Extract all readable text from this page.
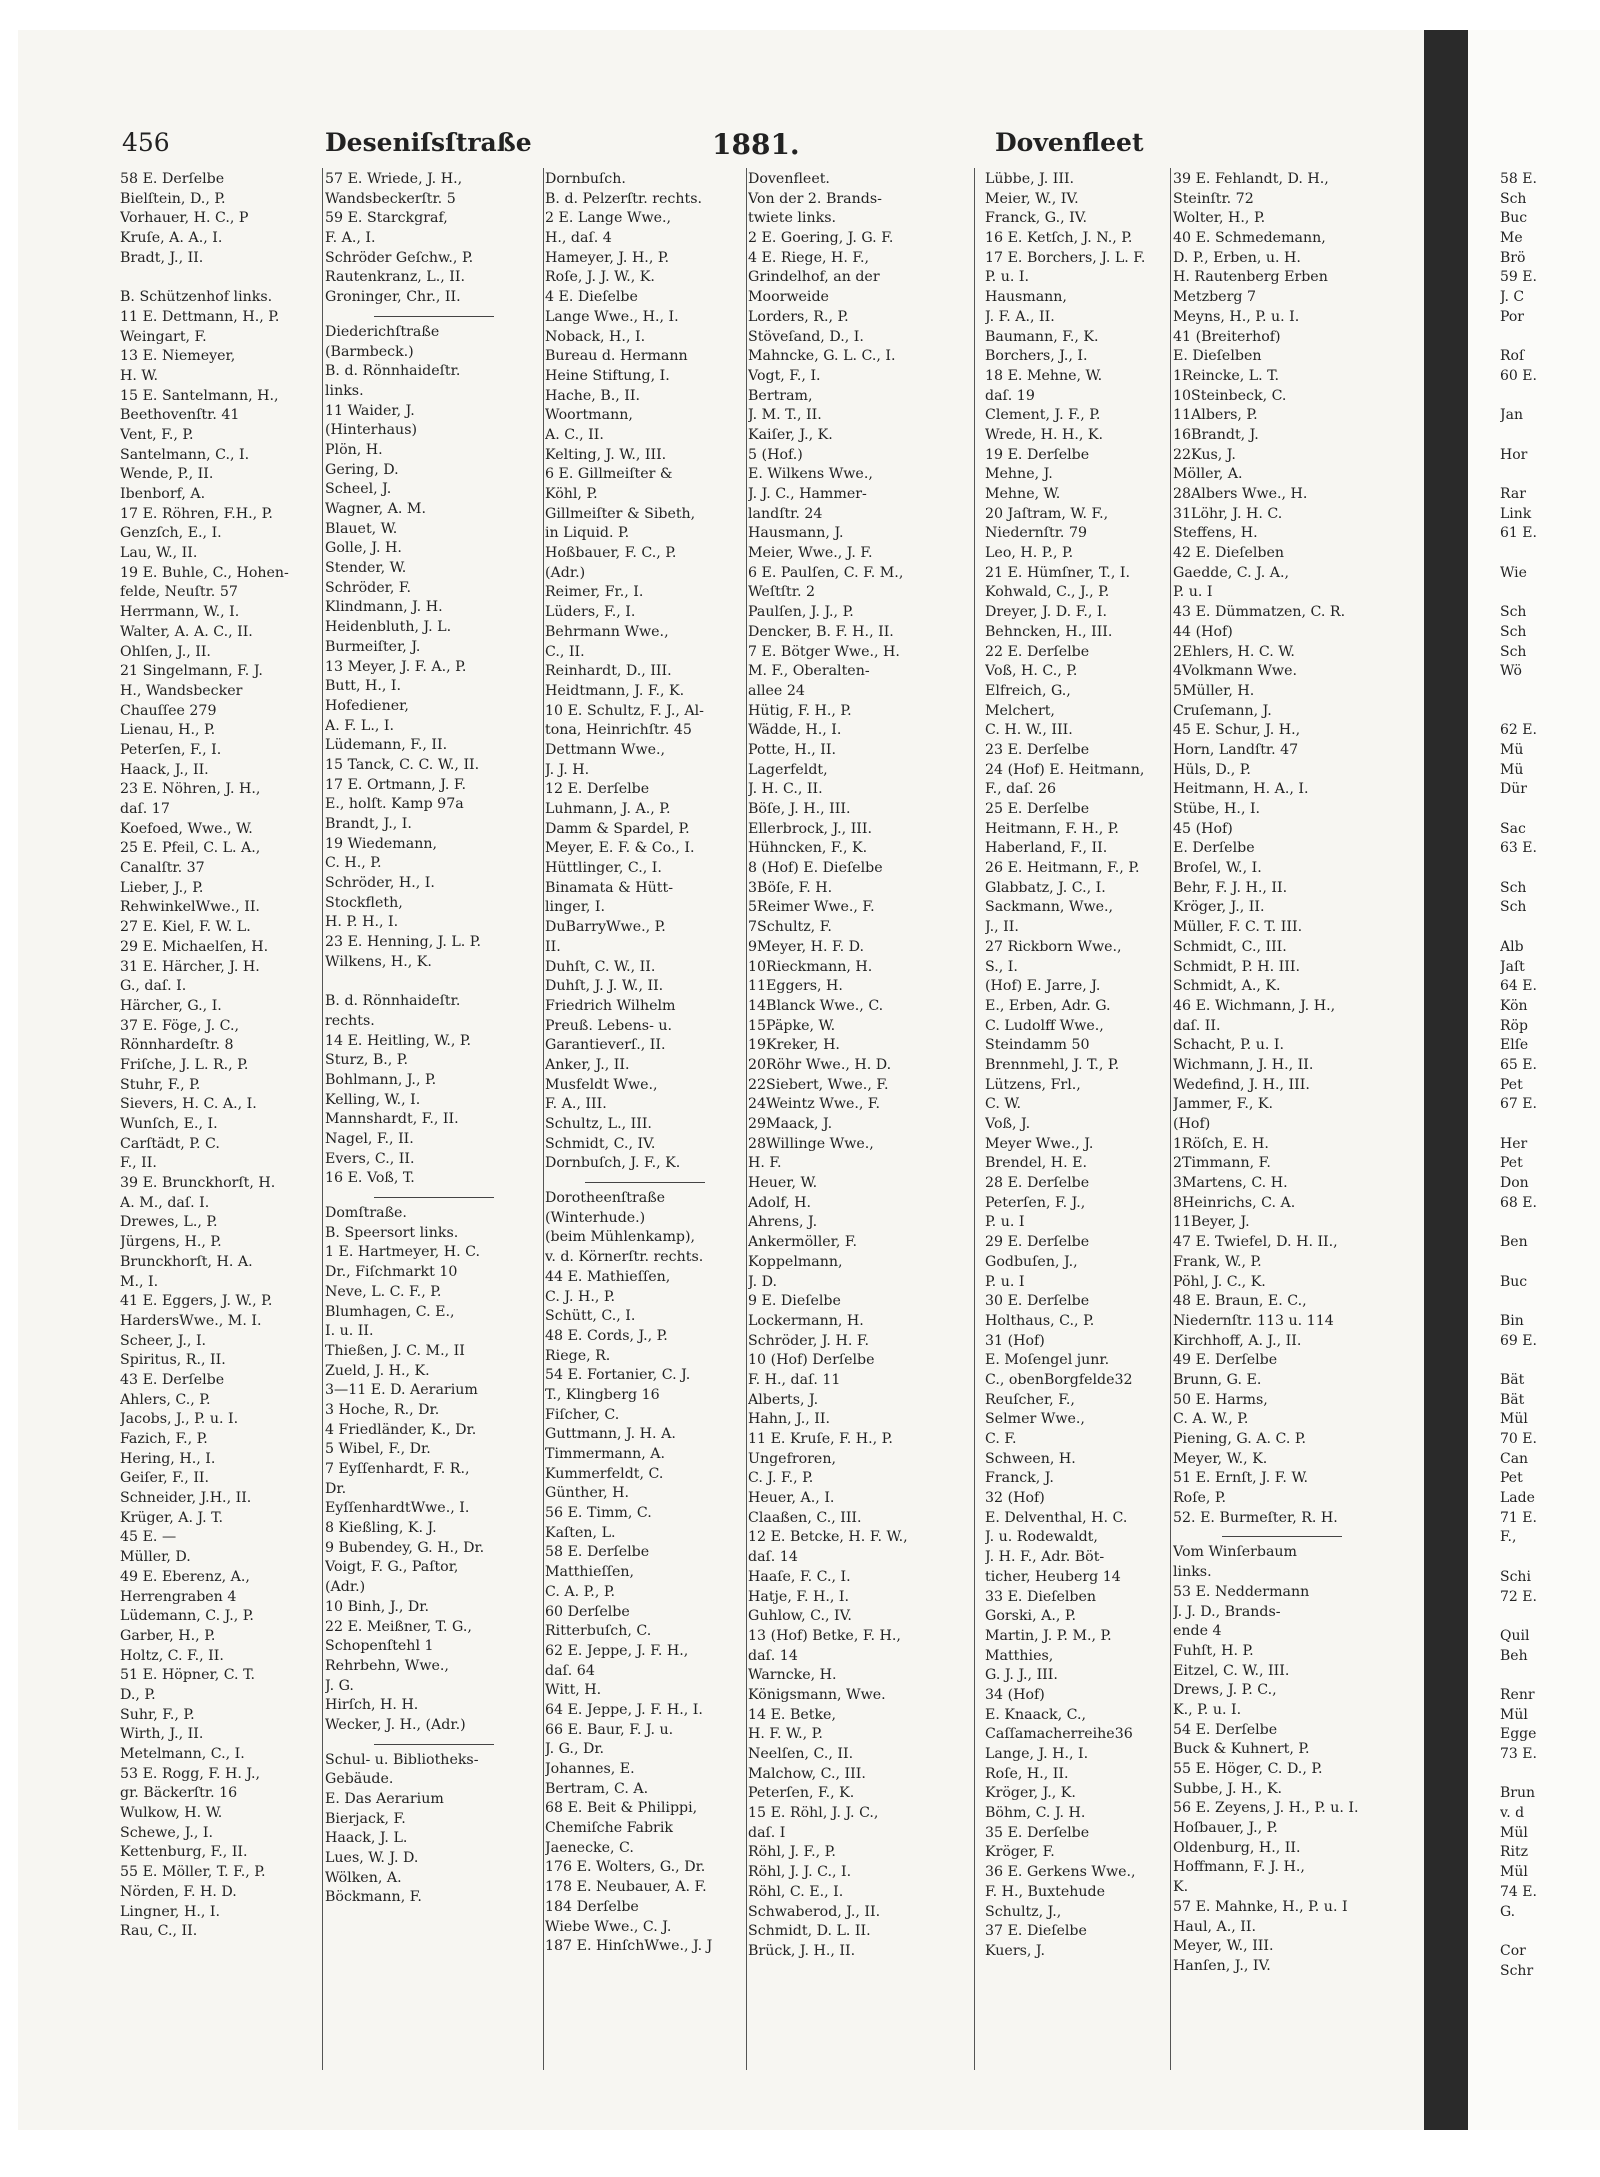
456	Deseniſsſtraße	1881.	Dovenfleet
58 E. Derſelbe
Bielſtein, D., P.
Vorhauer, H. C., P
Kruſe, A. A., I.
Bradt, J., II.
B. Schützenhof links.
11 E. Dettmann, H., P.
Weingart, F.
13 E. Niemeyer,
H. W.
15 E. Santelmann, H.,
Beethovenſtr. 41
Vent, F., P.
Santelmann, C., I.
Wende, P., II.
Ibenborf, A.
17 E. Röhren, F.H., P.
Genzſch, E., I.
Lau, W., II.
19 E. Buhle, C., Hohen-
felde, Neuſtr. 57
Herrmann, W., I.
Walter, A. A. C., II.
Ohlſen, J., II.
21 Singelmann, F. J.
H., Wandsbecker
Chauſſee 279
Lienau, H., P.
Peterſen, F., I.
Haack, J., II.
23 E. Nöhren, J. H.,
daſ. 17
Koefoed, Wwe., W.
25 E. Pfeil, C. L. A.,
Canalſtr. 37
Lieber, J., P.
RehwinkelWwe., II.
27 E. Kiel, F. W. L.
29 E. Michaelſen, H.
31 E. Härcher, J. H.
G., daſ. I.
Härcher, G., I.
37 E. Föge, J. C.,
Rönnhardeſtr. 8
Friſche, J. L. R., P.
Stuhr, F., P.
Sievers, H. C. A., I.
Wunſch, E., I.
Carſtädt, P. C.
F., II.
39 E. Brunckhorſt, H.
A. M., daſ. I.
Drewes, L., P.
Jürgens, H., P.
Brunckhorſt, H. A.
M., I.
41 E. Eggers, J. W., P.
HardersWwe., M. I.
Scheer, J., I.
Spiritus, R., II.
43 E. Derſelbe
Ahlers, C., P.
Jacobs, J., P. u. I.
Fazich, F., P.
Hering, H., I.
Geiſer, F., II.
Schneider, J.H., II.
Krüger, A. J. T.
45 E. —
Müller, D.
49 E. Eberenz, A.,
Herrengraben 4
Lüdemann, C. J., P.
Garber, H., P.
Holtz, C. F., II.
51 E. Höpner, C. T.
D., P.
Suhr, F., P.
Wirth, J., II.
Metelmann, C., I.
53 E. Rogg, F. H. J.,
gr. Bäckerſtr. 16
Wulkow, H. W.
Schewe, J., I.
Kettenburg, F., II.
55 E. Möller, T. F., P.
Nörden, F. H. D.
Lingner, H., I.
Rau, C., II.
57 E. Wriede, J. H.,
Wandsbeckerſtr. 5
59 E. Starckgraf,
F. A., I.
Schröder Geſchw., P.
Rautenkranz, L., II.
Groninger, Chr., II.
Diederichſtraße
(Barmbeck.)
B. d. Rönnhaideſtr.
links.
11 Waider, J.
(Hinterhaus)
Plön, H.
Gering, D.
Scheel, J.
Wagner, A. M.
Blauet, W.
Golle, J. H.
Stender, W.
Schröder, F.
Klindmann, J. H.
Heidenbluth, J. L.
Burmeiſter, J.
13 Meyer, J. F. A., P.
Butt, H., I.
Hofediener,
A. F. L., I.
Lüdemann, F., II.
15 Tanck, C. C. W., II.
17 E. Ortmann, J. F.
E., holſt. Kamp 97a
Brandt, J., I.
19 Wiedemann,
C. H., P.
Schröder, H., I.
Stockfleth,
H. P. H., I.
23 E. Henning, J. L. P.
Wilkens, H., K.
B. d. Rönnhaideſtr.
rechts.
14 E. Heitling, W., P.
Sturz, B., P.
Bohlmann, J., P.
Kelling, W., I.
Mannshardt, F., II.
Nagel, F., II.
Evers, C., II.
16 E. Voß, T.
Domſtraße.
B. Speersort links.
1 E. Hartmeyer, H. C.
Dr., Fiſchmarkt 10
Neve, L. C. F., P.
Blumhagen, C. E.,
I. u. II.
Thießen, J. C. M., II
Zueld, J. H., K.
3—11 E. D. Aerarium
3 Hoche, R., Dr.
4 Friedländer, K., Dr.
5 Wibel, F., Dr.
7 Eyſſenhardt, F. R.,
Dr.
EyſſenhardtWwe., I.
8 Kießling, K. J.
9 Bubendey, G. H., Dr.
Voigt, F. G., Paſtor,
(Adr.)
10 Binh, J., Dr.
22 E. Meißner, T. G.,
Schopenſtehl 1
Rehrbehn, Wwe.,
J. G.
Hirſch, H. H.
Wecker, J. H., (Adr.)
Schul- u. Bibliotheks-
Gebäude.
E. Das Aerarium
Bierjack, F.
Haack, J. L.
Lues, W. J. D.
Wölken, A.
Böckmann, F.
Dornbuſch.
B. d. Pelzerſtr. rechts.
2 E. Lange Wwe.,
H., daſ. 4
Hameyer, J. H., P.
Roſe, J. J. W., K.
4 E. Dieſelbe
Lange Wwe., H., I.
Noback, H., I.
Bureau d. Hermann
Heine Stiftung, I.
Hache, B., II.
Woortmann,
A. C., II.
Kelting, J. W., III.
6 E. Gillmeiſter &
Köhl, P.
Gillmeiſter & Sibeth,
in Liquid. P.
Hoßbauer, F. C., P.
(Adr.)
Reimer, Fr., I.
Lüders, F., I.
Behrmann Wwe.,
C., II.
Reinhardt, D., III.
Heidtmann, J. F., K.
10 E. Schultz, F. J., Al-
tona, Heinrichſtr. 45
Dettmann Wwe.,
J. J. H.
12 E. Derſelbe
Luhmann, J. A., P.
Damm & Spardel, P.
Meyer, E. F. & Co., I.
Hüttlinger, C., I.
Binamata & Hütt-
linger, I.
DuBarryWwe., P.
II.
Duhſt, C. W., II.
Duhſt, J. J. W., II.
Friedrich Wilhelm
Preuß. Lebens- u.
Garantieverſ., II.
Anker, J., II.
Musfeldt Wwe.,
F. A., III.
Schultz, L., III.
Schmidt, C., IV.
Dornbuſch, J. F., K.
Dorotheenſtraße
(Winterhude.)
(beim Mühlenkamp),
v. d. Körnerſtr. rechts.
44 E. Mathieſſen,
C. J. H., P.
Schütt, C., I.
48 E. Cords, J., P.
Riege, R.
54 E. Fortanier, C. J.
T., Klingberg 16
Fiſcher, C.
Guttmann, J. H. A.
Timmermann, A.
Kummerfeldt, C.
Günther, H.
56 E. Timm, C.
Kaſten, L.
58 E. Derſelbe
Matthieſſen,
C. A. P., P.
60 Derſelbe
Ritterbuſch, C.
62 E. Jeppe, J. F. H.,
daſ. 64
Witt, H.
64 E. Jeppe, J. F. H., I.
66 E. Baur, F. J. u.
J. G., Dr.
Johannes, E.
Bertram, C. A.
68 E. Beit & Philippi,
Chemiſche Fabrik
Jaenecke, C.
176 E. Wolters, G., Dr.
178 E. Neubauer, A. F.
184 Derſelbe
Wiebe Wwe., C. J.
187 E. HinſchWwe., J. J
Dovenfleet.
Von der 2. Brands-
twiete links.
2 E. Goering, J. G. F.
4 E. Riege, H. F.,
Grindelhof, an der
Moorweide
Lorders, R., P.
Stöveſand, D., I.
Mahncke, G. L. C., I.
Vogt, F., I.
Bertram,
J. M. T., II.
Kaiſer, J., K.
5 (Hof.)
E. Wilkens Wwe.,
J. J. C., Hammer-
landſtr. 24
Hausmann, J.
Meier, Wwe., J. F.
6 E. Paulſen, C. F. M.,
Weſtſtr. 2
Paulſen, J. J., P.
Dencker, B. F. H., II.
7 E. Bötger Wwe., H.
M. F., Oberalten-
allee 24
Hütig, F. H., P.
Wädde, H., I.
Potte, H., II.
Lagerfeldt,
J. H. C., II.
Böſe, J. H., III.
Ellerbrock, J., III.
Hühncken, F., K.
8 (Hof) E. Dieſelbe
3Böſe, F. H.
5Reimer Wwe., F.
7Schultz, F.
9Meyer, H. F. D.
10Rieckmann, H.
11Eggers, H.
14Blanck Wwe., C.
15Päpke, W.
19Kreker, H.
20Röhr Wwe., H. D.
22Siebert, Wwe., F.
24Weintz Wwe., F.
29Maack, J.
28Willinge Wwe.,
H. F.
Heuer, W.
Adolf, H.
Ahrens, J.
Ankermöller, F.
Koppelmann,
J. D.
9 E. Dieſelbe
Lockermann, H.
Schröder, J. H. F.
10 (Hof) Derſelbe
F. H., daſ. 11
Alberts, J.
Hahn, J., II.
11 E. Kruſe, F. H., P.
Ungefroren,
C. J. F., P.
Heuer, A., I.
Claaßen, C., III.
12 E. Betcke, H. F. W.,
daſ. 14
Haaſe, F. C., I.
Hatje, F. H., I.
Guhlow, C., IV.
13 (Hof) Betke, F. H.,
daſ. 14
Warncke, H.
Königsmann, Wwe.
14 E. Betke,
H. F. W., P.
Neelſen, C., II.
Malchow, C., III.
Peterſen, F., K.
15 E. Röhl, J. J. C.,
daſ. I
Röhl, J. F., P.
Röhl, J. J. C., I.
Röhl, C. E., I.
Schwaberod, J., II.
Schmidt, D. L. II.
Brück, J. H., II.
Lübbe, J. III.
Meier, W., IV.
Franck, G., IV.
16 E. Ketſch, J. N., P.
17 E. Borchers, J. L. F.
P. u. I.
Hausmann,
J. F. A., II.
Baumann, F., K.
Borchers, J., I.
18 E. Mehne, W.
daſ. 19
Clement, J. F., P.
Wrede, H. H., K.
19 E. Derſelbe
Mehne, J.
Mehne, W.
20 Jaſtram, W. F.,
Niedernſtr. 79
Leo, H. P., P.
21 E. Hümſner, T., I.
Kohwald, C., J., P.
Dreyer, J. D. F., I.
Behncken, H., III.
22 E. Derſelbe
Voß, H. C., P.
Elfreich, G.,
Melchert,
C. H. W., III.
23 E. Derſelbe
24 (Hof) E. Heitmann,
F., daſ. 26
25 E. Derſelbe
Heitmann, F. H., P.
Haberland, F., II.
26 E. Heitmann, F., P.
Glabbatz, J. C., I.
Sackmann, Wwe.,
J., II.
27 Rickborn Wwe.,
S., I.
(Hof) E. Jarre, J.
E., Erben, Adr. G.
C. Ludolff Wwe.,
Steindamm 50
Brennmehl, J. T., P.
Lützens, Frl.,
C. W.
Voß, J.
Meyer Wwe., J.
Brendel, H. E.
28 E. Derſelbe
Peterſen, F. J.,
P. u. I
29 E. Derſelbe
Godbuſen, J.,
P. u. I
30 E. Derſelbe
Holthaus, C., P.
31 (Hof)
E. Moſengel junr.
C., obenBorgfelde32
Reuſcher, F.,
Selmer Wwe.,
C. F.
Schween, H.
Franck, J.
32 (Hof)
E. Delventhal, H. C.
J. u. Rodewaldt,
J. H. F., Adr. Böt-
ticher, Heuberg 14
33 E. Dieſelben
Gorski, A., P.
Martin, J. P. M., P.
Matthies,
G. J. J., III.
34 (Hof)
E. Knaack, C.,
Caſſamacherreihe36
Lange, J. H., I.
Roſe, H., II.
Kröger, J., K.
Böhm, C. J. H.
35 E. Derſelbe
Kröger, F.
36 E. Gerkens Wwe.,
F. H., Buxtehude
Schultz, J.,
37 E. Dieſelbe
Kuers, J.
39 E. Fehlandt, D. H.,
Steinſtr. 72
Wolter, H., P.
40 E. Schmedemann,
D. P., Erben, u. H.
H. Rautenberg Erben
Metzberg 7
Meyns, H., P. u. I.
41 (Breiterhof)
E. Dieſelben
1Reincke, L. T.
10Steinbeck, C.
11Albers, P.
16Brandt, J.
22Kus, J.
Möller, A.
28Albers Wwe., H.
31Löhr, J. H. C.
Steffens, H.
42 E. Dieſelben
Gaedde, C. J. A.,
P. u. I
43 E. Dümmatzen, C. R.
44 (Hof)
2Ehlers, H. C. W.
4Volkmann Wwe.
5Müller, H.
Cruſemann, J.
45 E. Schur, J. H.,
Horn, Landſtr. 47
Hüls, D., P.
Heitmann, H. A., I.
Stübe, H., I.
45 (Hof)
E. Derſelbe
Broſel, W., I.
Behr, F. J. H., II.
Kröger, J., II.
Müller, F. C. T. III.
Schmidt, C., III.
Schmidt, P. H. III.
Schmidt, A., K.
46 E. Wichmann, J. H.,
daſ. II.
Schacht, P. u. I.
Wichmann, J. H., II.
Wedefind, J. H., III.
Jammer, F., K.
(Hof)
1Röſch, E. H.
2Timmann, F.
3Martens, C. H.
8Heinrichs, C. A.
11Beyer, J.
47 E. Twiefel, D. H. II.,
Frank, W., P.
Pöhl, J. C., K.
48 E. Braun, E. C.,
Niedernſtr. 113 u. 114
Kirchhoff, A. J., II.
49 E. Derſelbe
Brunn, G. E.
50 E. Harms,
C. A. W., P.
Piening, G. A. C. P.
Meyer, W., K.
51 E. Ernſt, J. F. W.
Roſe, P.
52. E. Burmeſter, R. H.
Vom Winſerbaum
links.
53 E. Neddermann
J. J. D., Brands-
ende 4
Fuhſt, H. P.
Eitzel, C. W., III.
Drews, J. P. C.,
K., P. u. I.
54 E. Derſelbe
Buck & Kuhnert, P.
55 E. Höger, C. D., P.
Subbe, J. H., K.
56 E. Zeyens, J. H., P. u. I.
Hoſbauer, J., P.
Oldenburg, H., II.
Hoffmann, F. J. H.,
K.
57 E. Mahnke, H., P. u. I
Haul, A., II.
Meyer, W., III.
Hanſen, J., IV.
58 E.
Sch
Buc
Me
Brö
59 E.
J. C
Por
Roſ
60 E.
Jan
Hor
Rar
Link
61 E.
Wie
Sch
Sch
Sch
Wö
62 E.
Mü
Mü
Dür
Sac
63 E.
Sch
Sch
Alb
Jaſt
64 E.
Kön
Röp
Elſe
65 E.
Pet
67 E.
Her
Pet
Don
68 E.
Ben
Buc
Bin
69 E.
Bät
Bät
Mül
70 E.
Can
Pet
Lade
71 E.
F.,
Schi
72 E.
Quil
Beh
Renr
Mül
Egge
73 E.
Brun
v. d
Mül
Ritz
Mül
74 E.
G.
Cor
Schr
